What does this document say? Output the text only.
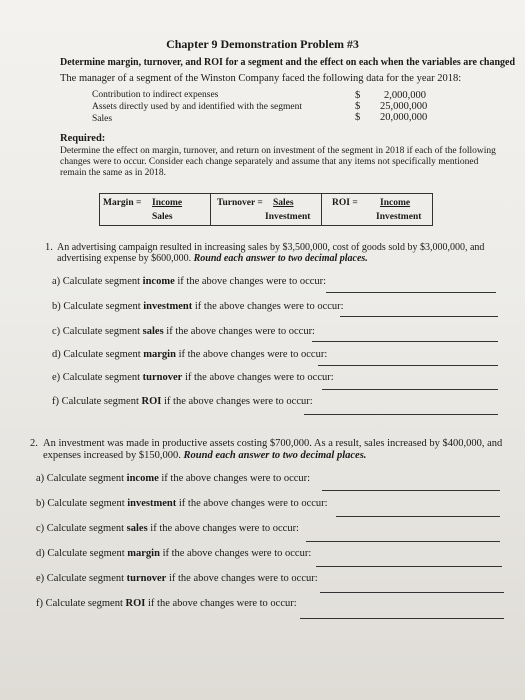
Chapter 9 Demonstration Problem #3
Determine margin, turnover, and ROI for a segment and the effect on each when the variables are changed
The manager of a segment of the Winston Company faced the following data for the year 2018:
Contribution to indirect expenses	$ 2,000,000
Assets directly used by and identified with the segment	$ 25,000,000
Sales	$ 20,000,000
Required:
Determine the effect on margin, turnover, and return on investment of the segment in 2018 if each of the following
changes were to occur. Consider each change separately and assume that any items not specifically mentioned
remain the same as in 2018.
Margin = Income
Sales
Turnover = Sales
Investment
ROI = Income
Investment
1. An advertising campaign resulted in increasing sales by $3,500,000, cost of goods sold by $3,000,000, and
advertising expense by $600,000. Round each answer to two decimal places.
a) Calculate segment income if the above changes were to occur:
b) Calculate segment investment if the above changes were to occur:
c) Calculate segment sales if the above changes were to occur:
d) Calculate segment margin if the above changes were to occur:
e) Calculate segment turnover if the above changes were to occur:
f) Calculate segment ROI if the above changes were to occur:
2. An investment was made in productive assets costing $700,000. As a result, sales increased by $400,000, and
expenses increased by $150,000. Round each answer to two decimal places.
a) Calculate segment income if the above changes were to occur:
b) Calculate segment investment if the above changes were to occur:
c) Calculate segment sales if the above changes were to occur:
d) Calculate segment margin if the above changes were to occur:
e) Calculate segment turnover if the above changes were to occur:
f) Calculate segment ROI if the above changes were to occur:
